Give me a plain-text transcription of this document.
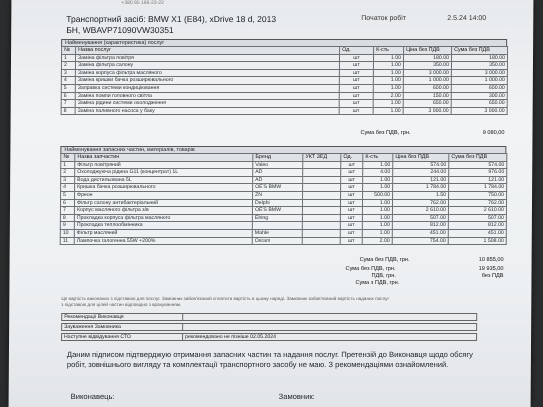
+380 95 166-23-22
Транспортний засіб: BMW X1 (E84), xDrive 18 d, 2013
БН, WBAVP71090VW30351
Початок робіт	2.5.24 14:00
Найменування (характеристика) послуг
№	Назва послуг	Од.	К-сть	Ціна без ПДВ	Сума без ПДВ
1	Заміна фільтра повітря	шт	1.00	180.00	180.00
2	Заміна фільтра салону	шт	1.00	350.00	350.00
3	Заміна корпуса фільтра масляного	шт	1.00	3 000.00	3 000.00
4	Заміна кришки бачка розширювального	шт	1.00	1 000.00	1 000.00
5	Заправка системи кондиціювання	шт	1.00	600.00	600.00
6	Заміна помпи головного світла	шт	2.00	150.00	300.00
7	Заміна рідини системи охолодження	шт	1.00	650.00	650.00
8	Заміна паливного насоса у баку	шт	1.00	3 000.00	3 000.00
Сума без ПДВ, грн.	9 080,00
Найменування запасних частин, матеріалів, товарів
№	Назва запчастин	Бренд	УКТ ЗЕД	Од.	К-сть	Ціна без ПДВ	Сума без ПДВ
1	Фільтр повітряний	Valeo		шт	1.00	574.00	574.00
2	Охолоджуюча рідина G11 (концентрат) 1L	AD		шт	4.00	244.00	976.00
3	Вода дистильована 5L	AD		шт	1.00	121.00	121.00
4	Кришка бачка розширювального	OE'S BMW		шт	1.00	1 784.00	1 784.00
5	Фреон	ZN		шт	500.00	1.50	750.00
6	Фільтр салону антибактеріальний	Delphi		шт	1.00	762.00	762.00
7	Корпус масляного фільтра з/в	OE'S BMW		шт	1.00	2 610.00	2 610.00
8	Прокладка корпуса фільтра масляного	Elring		шт	1.00	507.00	507.00
9	Прокладка теплообмінника			шт	1.00	812.00	812.00
10	Фільтр масляний	Mahle		шт	1.00	451.00	451.00
11	Лампочка галогенна 55W +200%	Osram		шт	2.00	754.00	1 508.00
Сума без ПДВ, грн.	10 855,00
Сума без ПДВ, грн.	19 935,00
ПДВ, грн.	без ПДВ
Сума з ПДВ, грн.
Це вартість виконаних з підставою для послуг. Замовник забов'язаний сплатити вартість в цьому наряді. Замовник зобов'язаний вартість наданих послуг
з підставою для цілей частин відповідно з врахуванням.
Рекомендації Виконавця
Зауваження Замовника
Наступне відвідування СТО	рекомендовано не пізніше 02.05.2024
Даним підписом підтверджую отримання запасних частин та надання послуг. Претензій до Виконавця щодо обсягу робіт, зовнішнього вигляду та комплектації транспортного засобу не маю. З рекомендаціями ознайомлений.
Виконавець:	Замовник:
